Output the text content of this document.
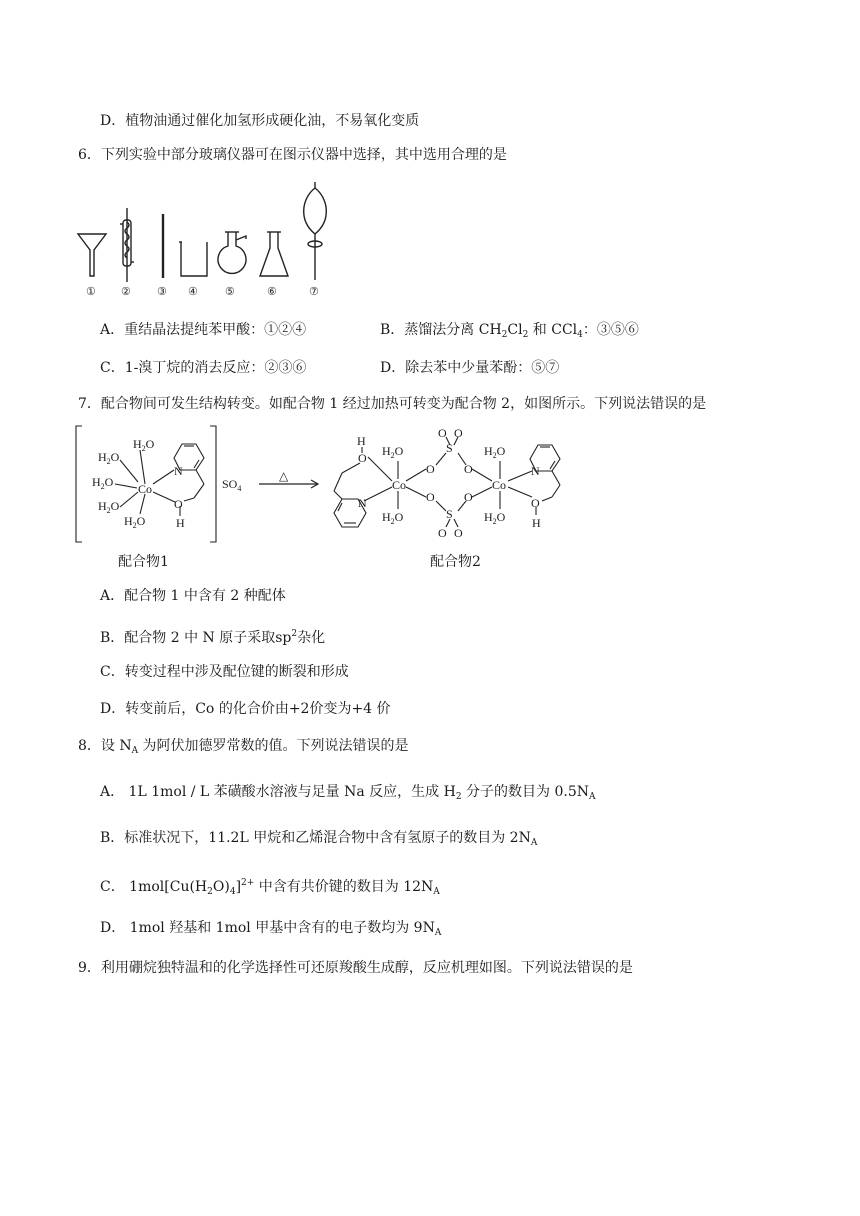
D．植物油通过催化加氢形成硬化油，不易氧化变质
6．下列实验中部分玻璃仪器可在图示仪器中选择，其中选用合理的是
① ② ③ ④ ⑤	⑥	⑦
A．重结晶法提纯苯甲酸：①②④	B．蒸馏法分离 $CH_2Cl_2$ 和 CCl$_4$：③⑤⑥
C．1-溴丁烷的消去反应：②③⑥	D．除去苯中少量苯酚：⑤⑦
7．配合物间可发生结构转变。如配合物 1 经过加热可转变为配合物 2，如图所示。下列说法错误的是
$H_2O$
$H_2O$
$H_2O$
$H_2O$
$H_2O$
Co
N
O
H
$SO_4$
△
H
O $H_2O$
N
Co
$H_2O$
O
O
S
S
O O
O O
O
O
Co
$H_2O$
$H_2O$
N
O
H
配合物1	配合物2
A．配合物 1 中含有 2 种配体
B．配合物 2 中 N 原子采取$sp^2$杂化
C．转变过程中涉及配位键的断裂和形成
D．转变前后，Co 的化合价由+2价变为+4 价
8．设 $N_A$ 为阿伏加德罗常数的值。下列说法错误的是
A． 1L 1mol / L 苯磺酸水溶液与足量 Na 反应，生成 $H_2$ 分子的数目为 $0.5N_A$
B．标准状况下，11.2L 甲烷和乙烯混合物中含有氢原子的数目为 $2N_A$
C． $1mol[Cu(H_2O)_4]^{2+}$ 中含有共价键的数目为 $12N_A$
D． 1mol 羟基和 1mol 甲基中含有的电子数均为 $9N_A$
9．利用硼烷独特温和的化学选择性可还原羧酸生成醇，反应机理如图。下列说法错误的是
